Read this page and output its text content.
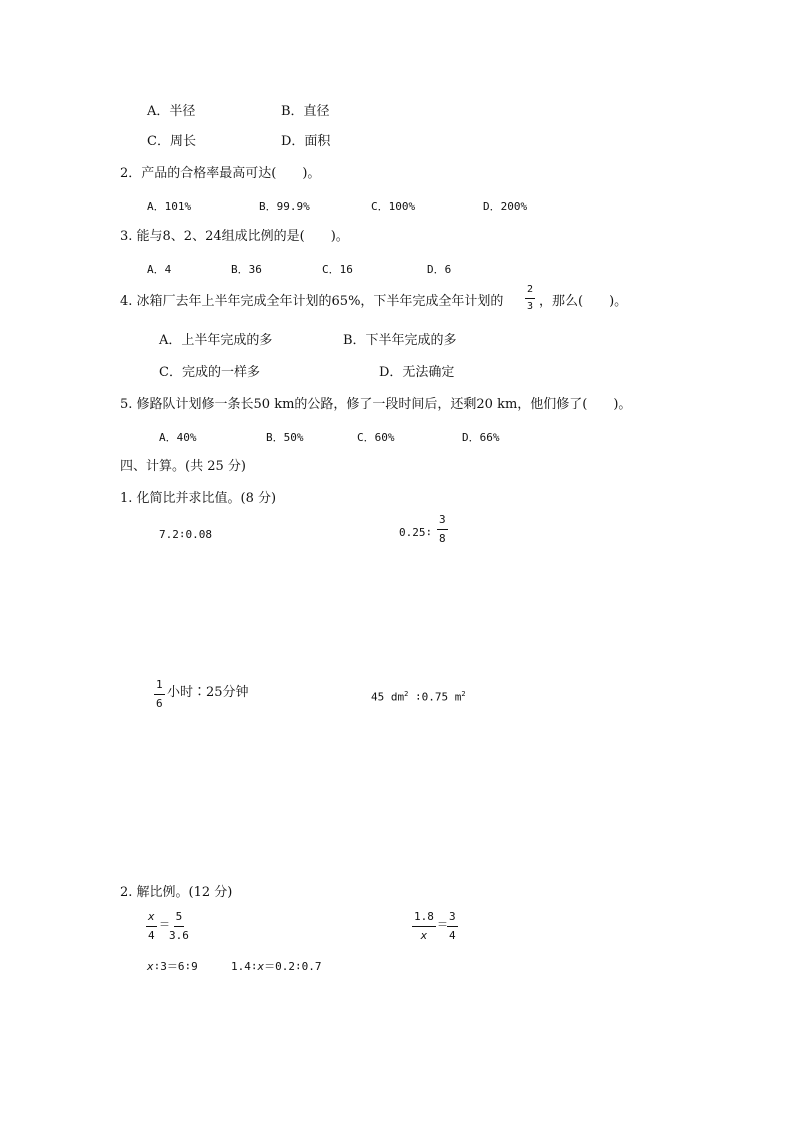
A．半径	B．直径
C．周长	D．面积
2．产品的合格率最高可达(　　)。
A．101%	B．99.9%	C．100%	D．200%
3. 能与8、2、24组成比例的是(　　)。
A．4	B．36	C．16	D．6
4. 冰箱厂去年上半年完成全年计划的65%，下半年完成全年计划的 $\frac{2}{3}$ ，那么(　　)。
A．上半年完成的多	B．下半年完成的多
C．完成的一样多	D．无法确定
5. 修路队计划修一条长50 km的公路，修了一段时间后，还剩20 km，他们修了(　　)。
A．40%	B．50%	C．60%	D．66%
四、计算。(共 25 分)
1. 化简比并求比值。(8 分)
7.2∶0.08	0.25∶ $\frac{3}{8}$
$\frac{1}{6}$ 小时∶25分钟	45 $dm^2$ ∶0.75 $m^2$
2. 解比例。(12 分)
$\frac{x}{4} = \frac{5}{3.6}$	$\frac{1.8}{x} = \frac{3}{4}$
x∶3＝6∶9	1.4∶x＝0.2∶0.7
